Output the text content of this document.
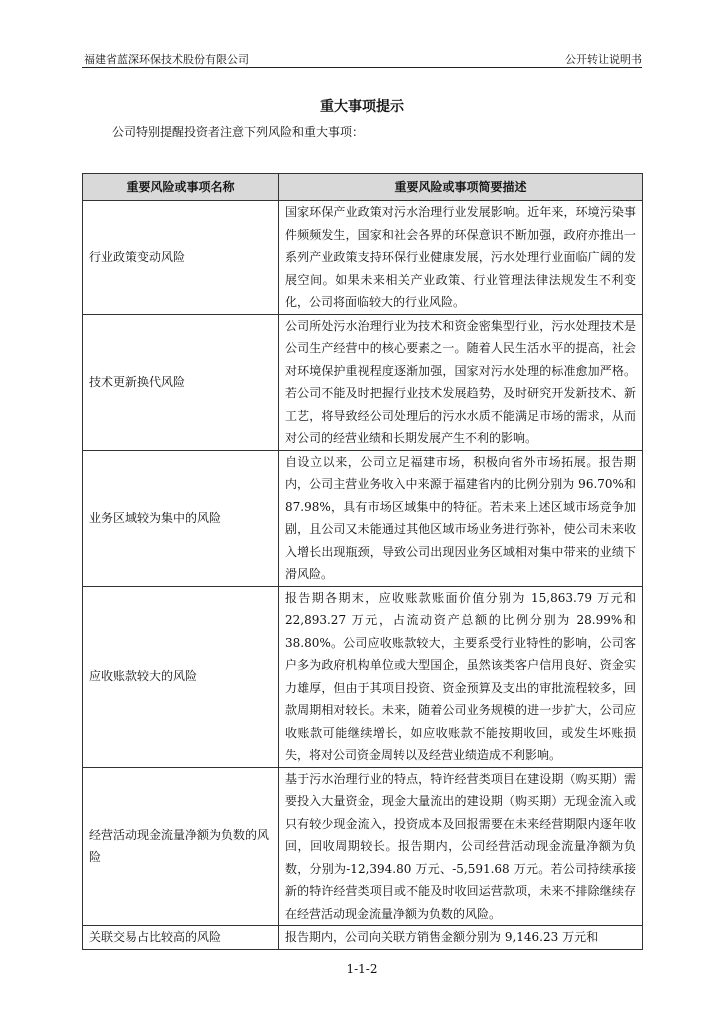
福建省蓝深环保技术股份有限公司	公开转让说明书
重大事项提示
公司特别提醒投资者注意下列风险和重大事项：
重要风险或事项名称	重要风险或事项简要描述
行业政策变动风险	国家环保产业政策对污水治理行业发展影响。近年来，环境污染事件频频发生，国家和社会各界的环保意识不断加强，政府亦推出一系列产业政策支持环保行业健康发展，污水处理行业面临广阔的发展空间。如果未来相关产业政策、行业管理法律法规发生不利变化，公司将面临较大的行业风险。
技术更新换代风险	公司所处污水治理行业为技术和资金密集型行业，污水处理技术是公司生产经营中的核心要素之一。随着人民生活水平的提高，社会对环境保护重视程度逐渐加强，国家对污水处理的标准愈加严格。若公司不能及时把握行业技术发展趋势，及时研究开发新技术、新工艺，将导致经公司处理后的污水水质不能满足市场的需求，从而对公司的经营业绩和长期发展产生不利的影响。
业务区域较为集中的风险	自设立以来，公司立足福建市场，积极向省外市场拓展。报告期内，公司主营业务收入中来源于福建省内的比例分别为 96.70%和 87.98%，具有市场区域集中的特征。若未来上述区域市场竞争加剧，且公司又未能通过其他区域市场业务进行弥补，使公司未来收入增长出现瓶颈，导致公司出现因业务区域相对集中带来的业绩下滑风险。
应收账款较大的风险	报告期各期末，应收账款账面价值分别为 15,863.79 万元和 22,893.27 万元，占流动资产总额的比例分别为 28.99%和 38.80%。公司应收账款较大，主要系受行业特性的影响，公司客户多为政府机构单位或大型国企，虽然该类客户信用良好、资金实力雄厚，但由于其项目投资、资金预算及支出的审批流程较多，回款周期相对较长。未来，随着公司业务规模的进一步扩大，公司应收账款可能继续增长，如应收账款不能按期收回，或发生坏账损失，将对公司资金周转以及经营业绩造成不利影响。
经营活动现金流量净额为负数的风险	基于污水治理行业的特点，特许经营类项目在建设期（购买期）需要投入大量资金，现金大量流出的建设期（购买期）无现金流入或只有较少现金流入，投资成本及回报需要在未来经营期限内逐年收回，回收周期较长。报告期内，公司经营活动现金流量净额为负数，分别为-12,394.80 万元、-5,591.68 万元。若公司持续承接新的特许经营类项目或不能及时收回运营款项，未来不排除继续存在经营活动现金流量净额为负数的风险。
关联交易占比较高的风险	报告期内，公司向关联方销售金额分别为 9,146.23 万元和
1-1-2
